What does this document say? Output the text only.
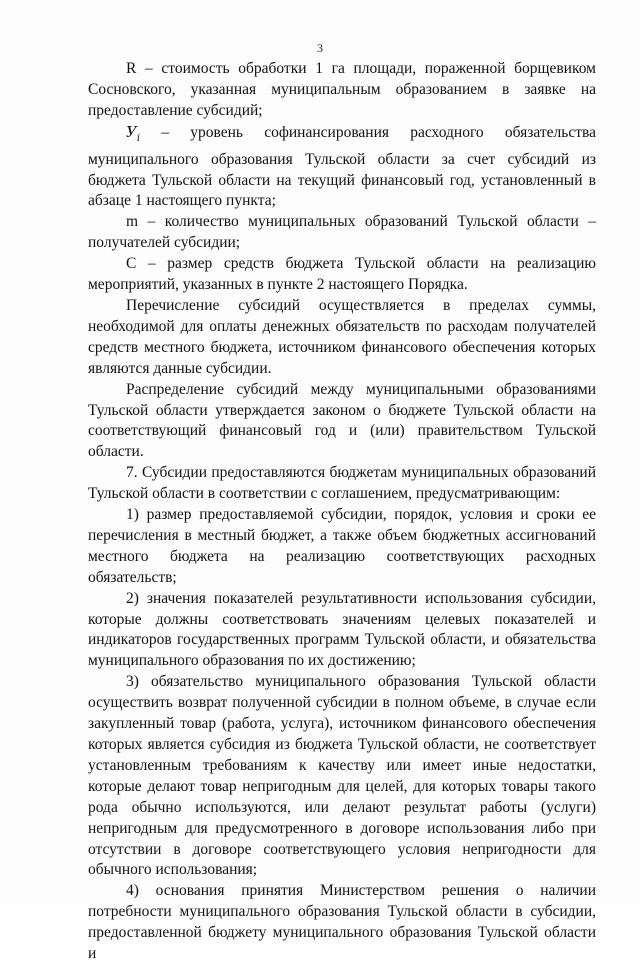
3

R – стоимость обработки 1 га площади, пораженной борщевиком Сосновского, указанная муниципальным образованием в заявке на предоставление субсидий;

$У_i$ – уровень софинансирования расходного обязательства муниципального образования Тульской области за счет субсидий из бюджета Тульской области на текущий финансовый год, установленный в абзаце 1 настоящего пункта;

m – количество муниципальных образований Тульской области – получателей субсидии;

С – размер средств бюджета Тульской области на реализацию мероприятий, указанных в пункте 2 настоящего Порядка.

Перечисление субсидий осуществляется в пределах суммы, необходимой для оплаты денежных обязательств по расходам получателей средств местного бюджета, источником финансового обеспечения которых являются данные субсидии.

Распределение субсидий между муниципальными образованиями Тульской области утверждается законом о бюджете Тульской области на соответствующий финансовый год и (или) правительством Тульской области.

7. Субсидии предоставляются бюджетам муниципальных образований Тульской области в соответствии с соглашением, предусматривающим:

1) размер предоставляемой субсидии, порядок, условия и сроки ее перечисления в местный бюджет, а также объем бюджетных ассигнований местного бюджета на реализацию соответствующих расходных обязательств;

2) значения показателей результативности использования субсидии, которые должны соответствовать значениям целевых показателей и индикаторов государственных программ Тульской области, и обязательства муниципального образования по их достижению;

3) обязательство муниципального образования Тульской области осуществить возврат полученной субсидии в полном объеме, в случае если закупленный товар (работа, услуга), источником финансового обеспечения которых является субсидия из бюджета Тульской области, не соответствует установленным требованиям к качеству или имеет иные недостатки, которые делают товар непригодным для целей, для которых товары такого рода обычно используются, или делают результат работы (услуги) непригодным для предусмотренного в договоре использования либо при отсутствии в договоре соответствующего условия непригодности для обычного использования;

4) основания принятия Министерством решения о наличии потребности муниципального образования Тульской области в субсидии, предоставленной бюджету муниципального образования Тульской области и
